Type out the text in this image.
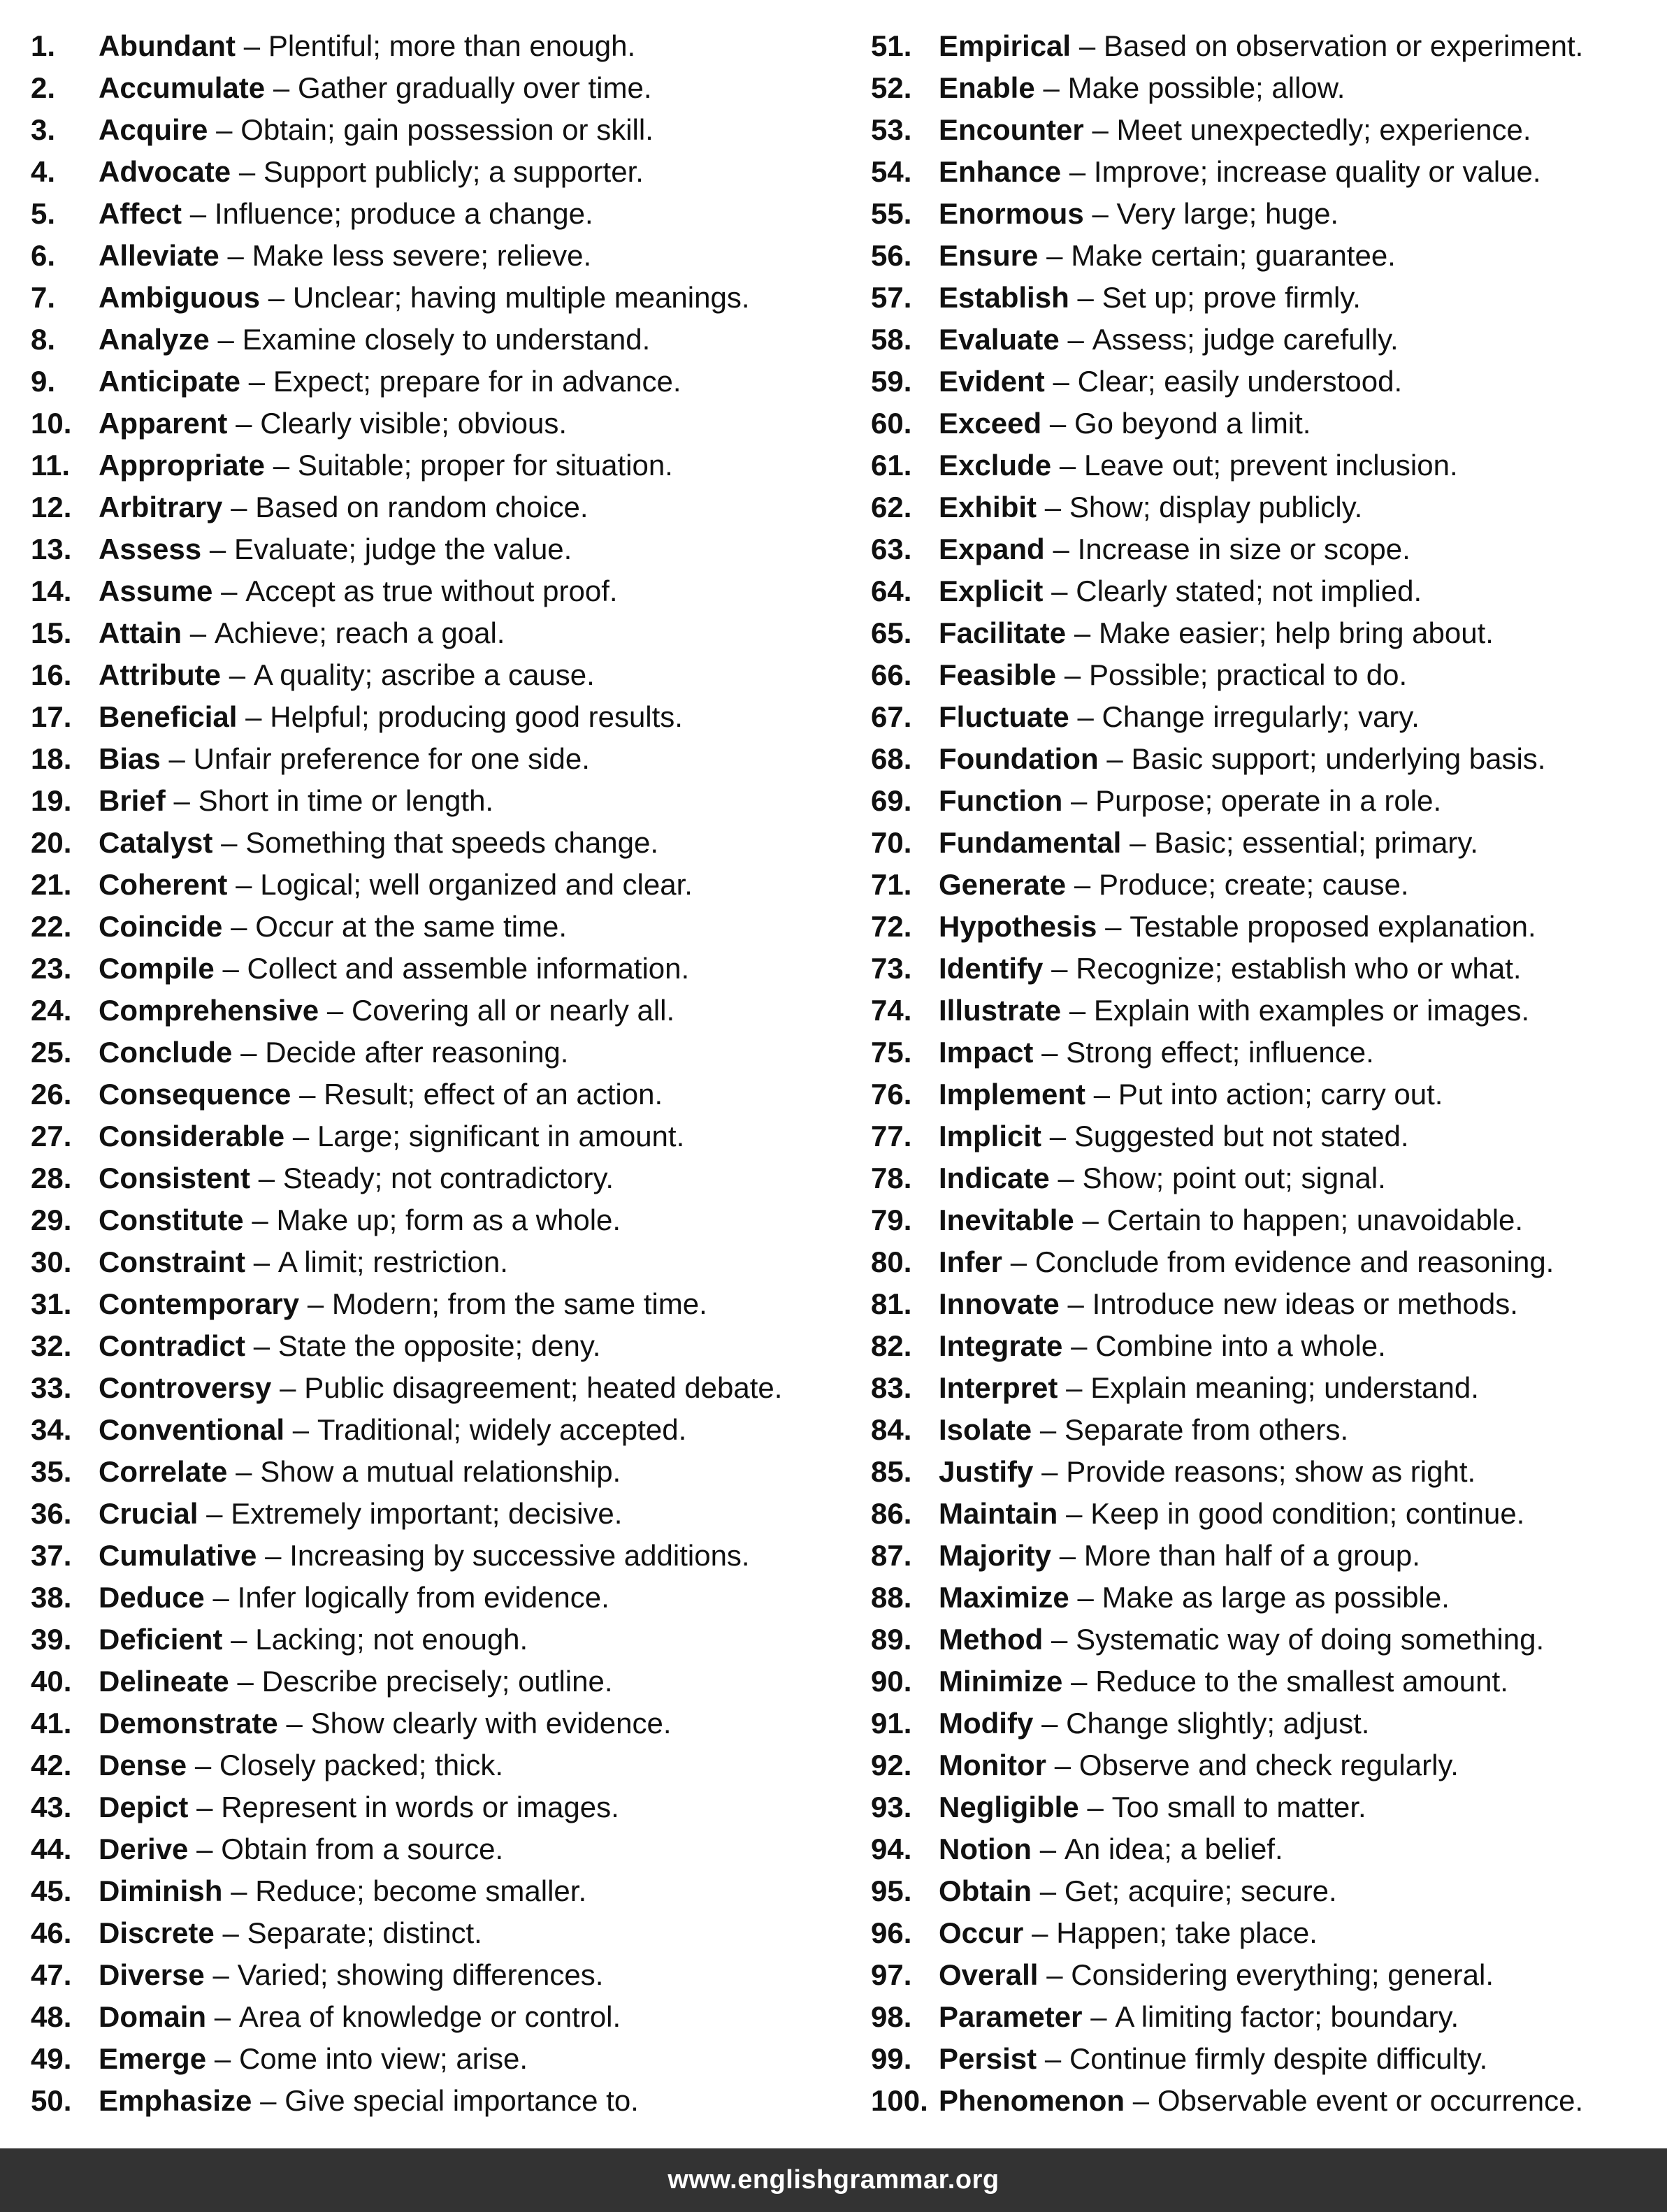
1.	Abundant – Plentiful; more than enough.
2.	Accumulate – Gather gradually over time.
3.	Acquire – Obtain; gain possession or skill.
4.	Advocate – Support publicly; a supporter.
5.	Affect – Influence; produce a change.
6.	Alleviate – Make less severe; relieve.
7.	Ambiguous – Unclear; having multiple meanings.
8.	Analyze – Examine closely to understand.
9.	Anticipate – Expect; prepare for in advance.
10. Apparent – Clearly visible; obvious.
11. Appropriate – Suitable; proper for situation.
12. Arbitrary – Based on random choice.
13. Assess – Evaluate; judge the value.
14. Assume – Accept as true without proof.
15. Attain – Achieve; reach a goal.
16. Attribute – A quality; ascribe a cause.
17. Beneficial – Helpful; producing good results.
18. Bias – Unfair preference for one side.
19. Brief – Short in time or length.
20. Catalyst – Something that speeds change.
21. Coherent – Logical; well organized and clear.
22. Coincide – Occur at the same time.
23. Compile – Collect and assemble information.
24. Comprehensive – Covering all or nearly all.
25. Conclude – Decide after reasoning.
26. Consequence – Result; effect of an action.
27. Considerable – Large; significant in amount.
28. Consistent – Steady; not contradictory.
29. Constitute – Make up; form as a whole.
30. Constraint – A limit; restriction.
31. Contemporary – Modern; from the same time.
32. Contradict – State the opposite; deny.
33. Controversy – Public disagreement; heated debate.
34. Conventional – Traditional; widely accepted.
35. Correlate – Show a mutual relationship.
36. Crucial – Extremely important; decisive.
37. Cumulative – Increasing by successive additions.
38. Deduce – Infer logically from evidence.
39. Deficient – Lacking; not enough.
40. Delineate – Describe precisely; outline.
41. Demonstrate – Show clearly with evidence.
42. Dense – Closely packed; thick.
43. Depict – Represent in words or images.
44. Derive – Obtain from a source.
45. Diminish – Reduce; become smaller.
46. Discrete – Separate; distinct.
47. Diverse – Varied; showing differences.
48. Domain – Area of knowledge or control.
49. Emerge – Come into view; arise.
50. Emphasize – Give special importance to.
51. Empirical – Based on observation or experiment.
52. Enable – Make possible; allow.
53. Encounter – Meet unexpectedly; experience.
54. Enhance – Improve; increase quality or value.
55. Enormous – Very large; huge.
56. Ensure – Make certain; guarantee.
57. Establish – Set up; prove firmly.
58. Evaluate – Assess; judge carefully.
59. Evident – Clear; easily understood.
60. Exceed – Go beyond a limit.
61. Exclude – Leave out; prevent inclusion.
62. Exhibit – Show; display publicly.
63. Expand – Increase in size or scope.
64. Explicit – Clearly stated; not implied.
65. Facilitate – Make easier; help bring about.
66. Feasible – Possible; practical to do.
67. Fluctuate – Change irregularly; vary.
68. Foundation – Basic support; underlying basis.
69. Function – Purpose; operate in a role.
70. Fundamental – Basic; essential; primary.
71. Generate – Produce; create; cause.
72. Hypothesis – Testable proposed explanation.
73. Identify – Recognize; establish who or what.
74. Illustrate – Explain with examples or images.
75. Impact – Strong effect; influence.
76. Implement – Put into action; carry out.
77. Implicit – Suggested but not stated.
78. Indicate – Show; point out; signal.
79. Inevitable – Certain to happen; unavoidable.
80. Infer – Conclude from evidence and reasoning.
81. Innovate – Introduce new ideas or methods.
82. Integrate – Combine into a whole.
83. Interpret – Explain meaning; understand.
84. Isolate – Separate from others.
85. Justify – Provide reasons; show as right.
86. Maintain – Keep in good condition; continue.
87. Majority – More than half of a group.
88. Maximize – Make as large as possible.
89. Method – Systematic way of doing something.
90. Minimize – Reduce to the smallest amount.
91. Modify – Change slightly; adjust.
92. Monitor – Observe and check regularly.
93. Negligible – Too small to matter.
94. Notion – An idea; a belief.
95. Obtain – Get; acquire; secure.
96. Occur – Happen; take place.
97. Overall – Considering everything; general.
98. Parameter – A limiting factor; boundary.
99. Persist – Continue firmly despite difficulty.
100. Phenomenon – Observable event or occurrence.
www.englishgrammar.org
